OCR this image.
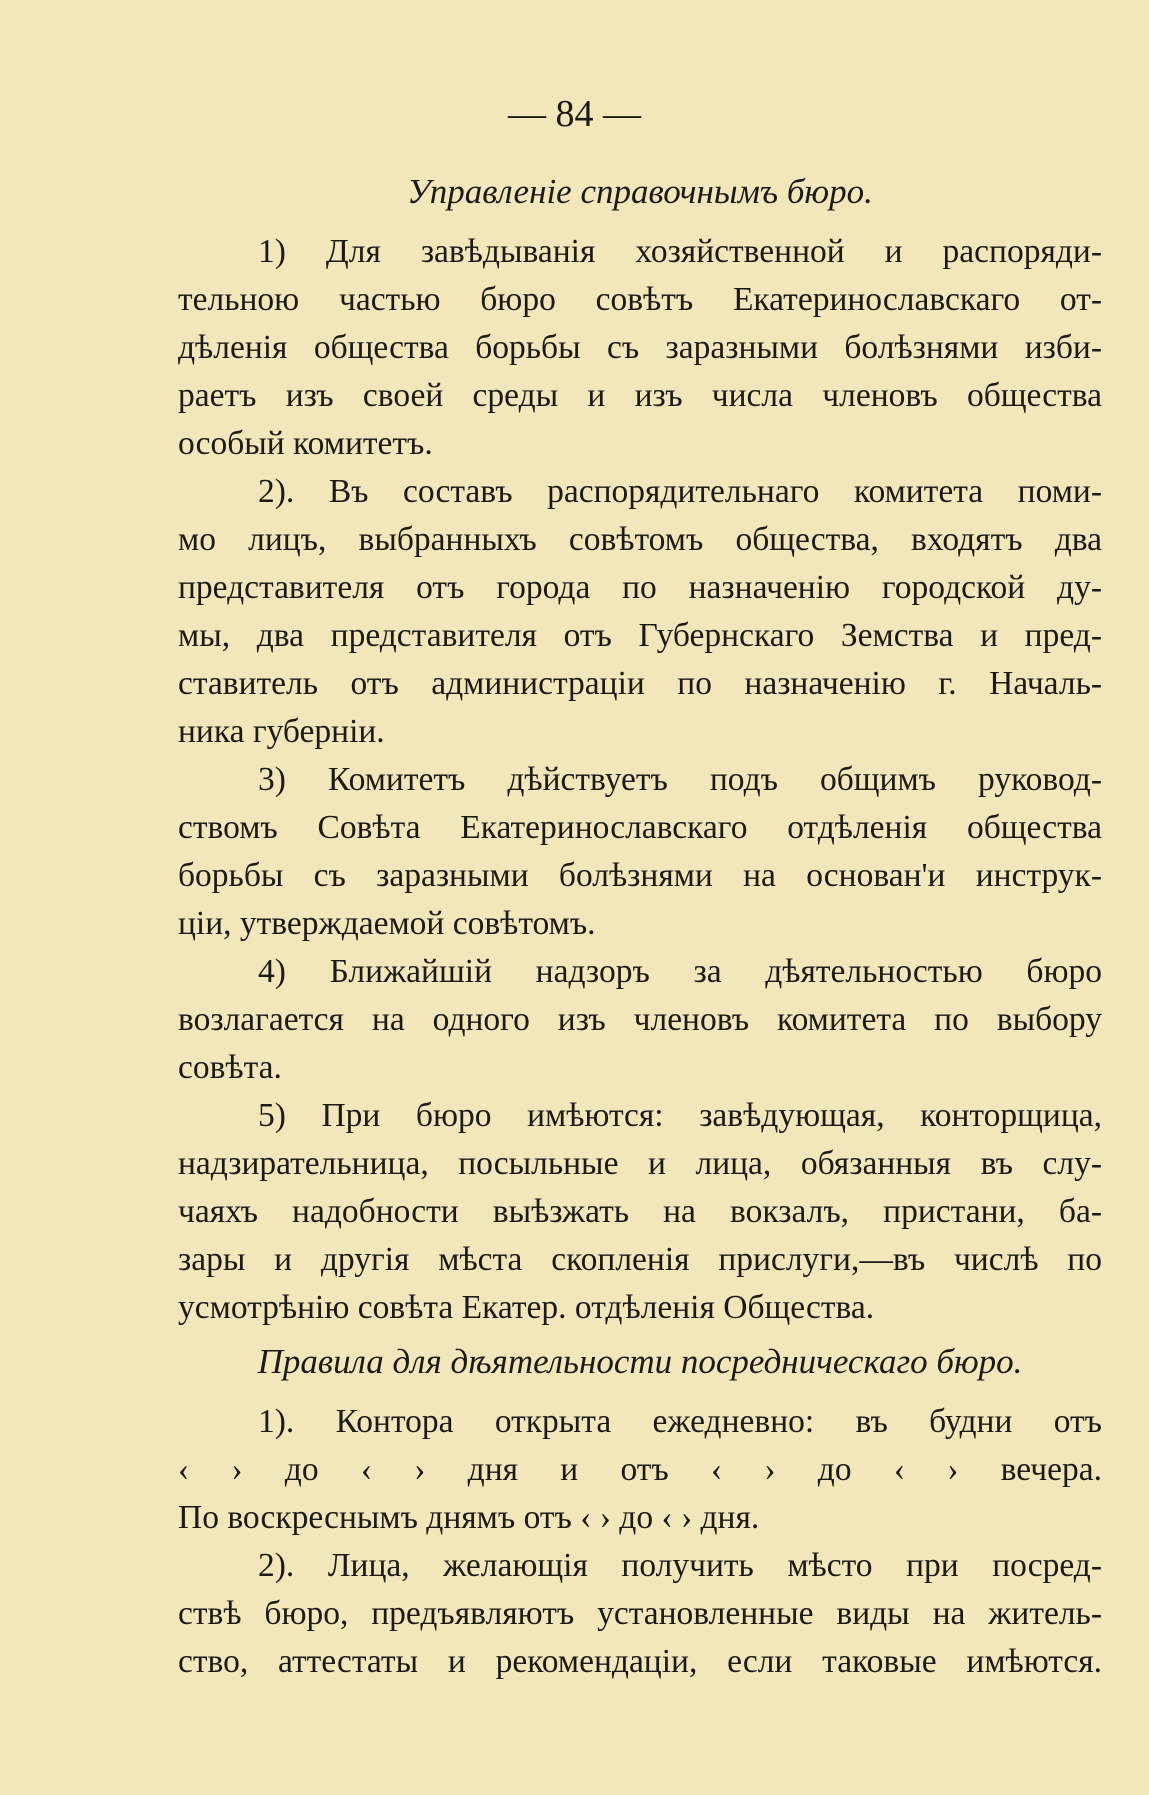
— 84 —
Управленіе справочнымъ бюро.
1) Для завѣдыванія хозяйственной и распоряди-
тельною частью бюро совѣтъ Екатеринославскаго от-
дѣленія общества борьбы съ заразными болѣзнями изби-
раетъ изъ своей среды и изъ числа членовъ общества
особый комитетъ.
2). Въ составъ распорядительнаго комитета поми-
мо лицъ, выбранныхъ совѣтомъ общества, входятъ два
представителя отъ города по назначенію городской ду-
мы, два представителя отъ Губернскаго Земства и пред-
ставитель отъ администраціи по назначенію г. Началь-
ника губерніи.
3) Комитетъ дѣйствуетъ подъ общимъ руковод-
ствомъ Совѣта Екатеринославскаго отдѣленія общества
борьбы съ заразными болѣзнями на основан'и инструк-
ціи, утверждаемой совѣтомъ.
4) Ближайшій надзоръ за дѣятельностью бюро
возлагается на одного изъ членовъ комитета по выбору
совѣта.
5) При бюро имѣются: завѣдующая, конторщица,
надзирательница, посыльные и лица, обязанныя въ слу-
чаяхъ надобности выѣзжать на вокзалъ, пристани, ба-
зары и другія мѣста скопленія прислуги,—въ числѣ по
усмотрѣнію совѣта Екатер. отдѣленія Общества.
Правила для дѣятельности посредническаго бюро.
1). Контора открыта ежедневно: въ будни отъ
‹ › до ‹ › дня и отъ ‹ › до ‹ › вечера.
По воскреснымъ днямъ отъ ‹ › до ‹ › дня.
2). Лица, желающія получить мѣсто при посред-
ствѣ бюро, предъявляютъ установленные виды на житель-
ство, аттестаты и рекомендаціи, если таковые имѣются.
